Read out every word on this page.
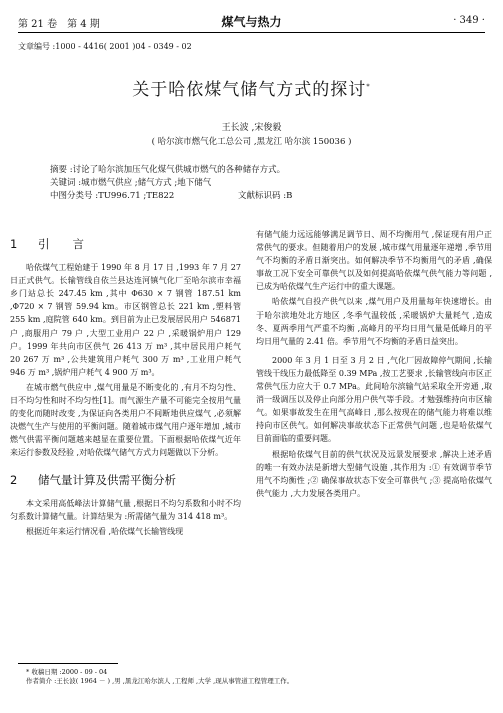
第 21 卷　第 4 期	煤气与热力	· 349 ·
文章编号 :1000 - 4416( 2001 )04 - 0349 - 02
关于哈依煤气储气方式的探讨*
王长波 ,宋俊毅
( 哈尔滨市燃气化工总公司 ,黑龙江 哈尔滨 150036 )
摘要 :讨论了哈尔滨加压气化煤气供城市燃气的各种储存方式。
关键词 :城市燃气供应 ;储气方式 ;地下储气
中图分类号 :TU996.71 ;TE822	文献标识码 :B
1 引　　言

哈依煤气工程始建于 1990 年 8 月 17 日 ,1993 年 7 月 27 日正式供气。长输管线自依兰县达连河镇气化厂至哈尔滨市幸福乡门站总长 247.45 km ,其中 Φ630 × 7 钢管 187.51 km ,Φ720 × 7 钢管 59.94 km。市区钢管总长 221 km ,塑料管 255 km ,庭院管 640 km。到目前为止已发展居民用户 546871 户 ,商服用户 79 户 ,大型工业用户 22 户 ,采暖锅炉用户 129 户。1999 年共向市区供气 26 413 万 m³ ,其中居民用户耗气 20 267 万 m³ ,公共建筑用户耗气 300 万 m³ ,工业用户耗气 946 万 m³ ,锅炉用户耗气 4 900 万 m³。

在城市燃气供应中 ,煤气用量是不断变化的 ,有月不均匀性、日不均匀性和时不均匀性[1]。而气源生产量不可能完全按用气量的变化而随时改变 ,为保证向各类用户不间断地供应煤气 ,必须解决燃气生产与使用的平衡问题。随着城市煤气用户逐年增加 ,城市燃气供需平衡问题越来越显在重要位置。下面根据哈依煤气近年来运行参数及经验 ,对哈依煤气储气方式力问题做以下分析。

2 储气量计算及供需平衡分析

本文采用高低峰法计算储气量 ,根据日不均匀系数和小时不均匀系数计算储气量。计算结果为 :所需储气量为 314 418 m³。

根据近年来运行情况看 ,哈依煤气长输管线现

有储气能力远远能够满足调节日、周不均衡用气 ,保证现有用户正常供气的要求。但随着用户的发展 ,城市煤气用量逐年递增 ,季节用气不均衡的矛盾日渐突出。如何解决季节不均衡用气的矛盾 ,确保事故工况下安全可靠供气以及如何提高哈依煤气供气能力等问题 ,已成为哈依煤气生产运行中的重大课题。

哈依煤气自投产供气以来 ,煤气用户及用量每年快速增长。由于哈尔滨地处北方地区 ,冬季气温较低 ,采暖锅炉大量耗气 ,造成冬、夏两季用气严重不均衡 ,高峰月的平均日用气量是低峰月的平均日用气量的 2.41 倍。季节用气不均衡的矛盾日益突出。

2000 年 3 月 1 日至 3 月 2 日 ,气化厂因故障停气期间 ,长输管线干线压力最低降至 0.39 MPa ,按工艺要求 ,长输管线向市区正常供气压力应大于 0.7 MPa。此间哈尔滨输气站采取全开旁通 ,取消一级调压以及停止向部分用户供气等手段。才勉强维持向市区输气。如果事故发生在用气高峰日 ,那么按现在的储气能力将难以维持向市区供气。如何解决事故状态下正常供气问题 ,也是哈依煤气目前面临的重要问题。

根据哈依煤气目前的供气状况及远景发展要求 ,解决上述矛盾的唯一有效办法是新增大型储气设施 ,其作用为 :① 有效调节季节用气不均衡性 ;② 确保事故状态下安全可靠供气 ;③ 提高哈依煤气供气能力 ,大力发展各类用户。

* 收稿日期 :2000 - 09 - 04
作者简介 :王长波( 1964 － ) ,男 ,黑龙江哈尔滨人 ,工程师 ,大学 ,现从事管道工程管理工作。
